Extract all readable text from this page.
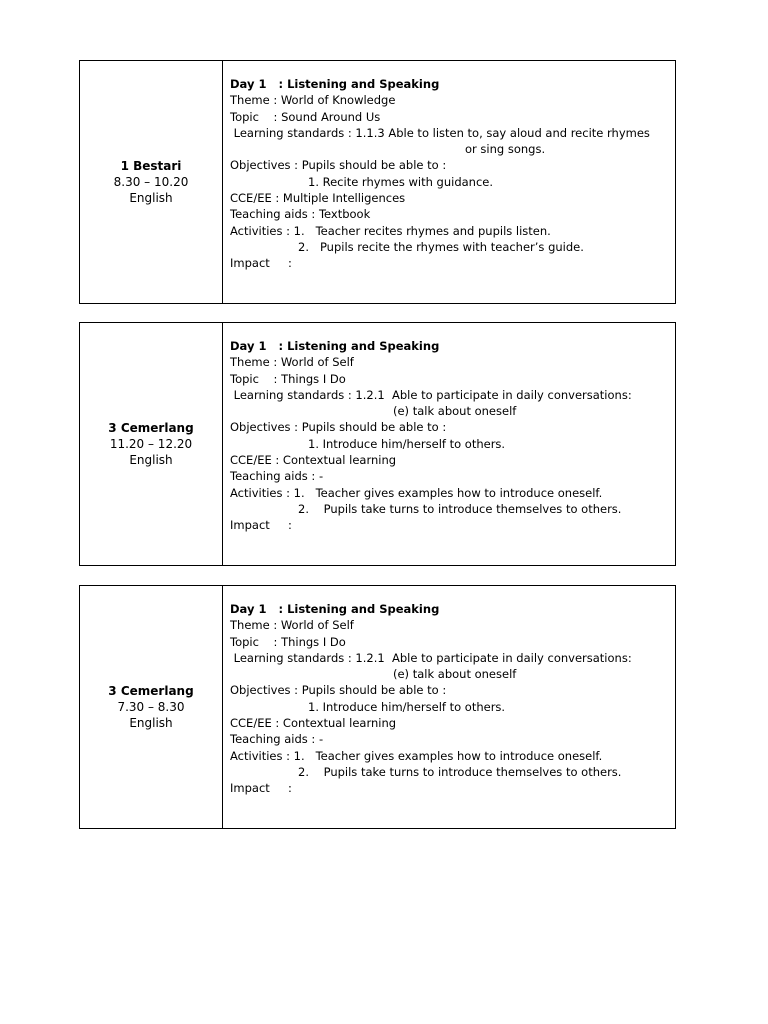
1 Bestari
8.30 – 10.20
English
Day 1   : Listening and Speaking
Theme : World of Knowledge
Topic    : Sound Around Us
Learning standards : 1.1.3 Able to listen to, say aloud and recite rhymes
or sing songs.
Objectives : Pupils should be able to :
1. Recite rhymes with guidance.
CCE/EE : Multiple Intelligences
Teaching aids : Textbook
Activities : 1.   Teacher recites rhymes and pupils listen.
2.   Pupils recite the rhymes with teacher’s guide.
Impact     :
3 Cemerlang
11.20 – 12.20
English
Day 1   : Listening and Speaking
Theme : World of Self
Topic    : Things I Do
Learning standards : 1.2.1  Able to participate in daily conversations:
(e) talk about oneself
Objectives : Pupils should be able to :
1. Introduce him/herself to others.
CCE/EE : Contextual learning
Teaching aids : -
Activities : 1.   Teacher gives examples how to introduce oneself.
2.    Pupils take turns to introduce themselves to others.
Impact     :
3 Cemerlang
7.30 – 8.30
English
Day 1   : Listening and Speaking
Theme : World of Self
Topic    : Things I Do
Learning standards : 1.2.1  Able to participate in daily conversations:
(e) talk about oneself
Objectives : Pupils should be able to :
1. Introduce him/herself to others.
CCE/EE : Contextual learning
Teaching aids : -
Activities : 1.   Teacher gives examples how to introduce oneself.
2.    Pupils take turns to introduce themselves to others.
Impact     :
